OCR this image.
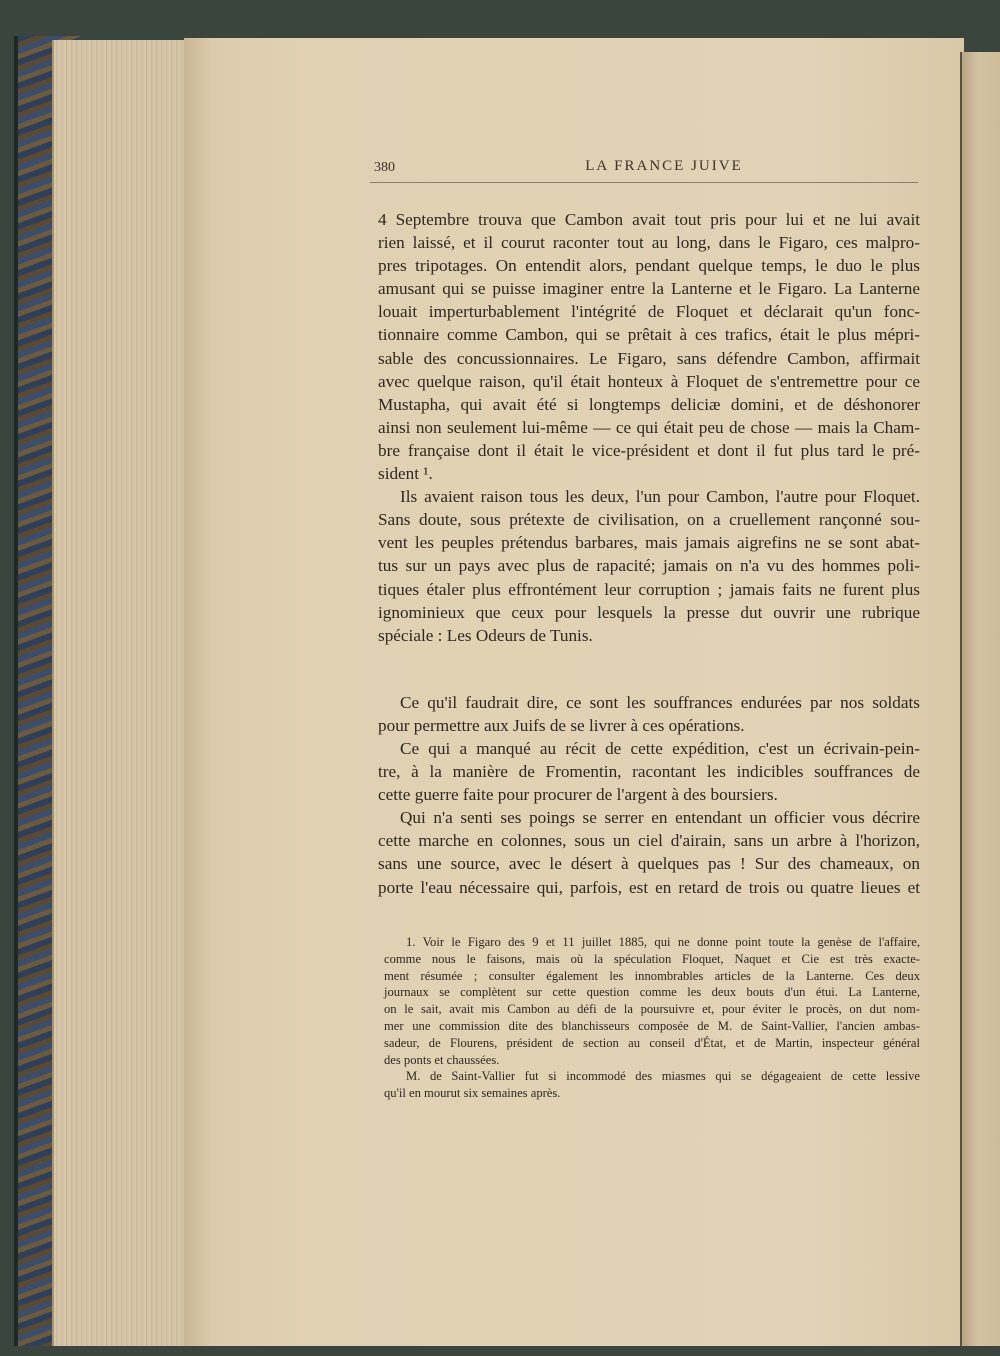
380	LA FRANCE JUIVE
4 Septembre trouva que Cambon avait tout pris pour lui et ne lui avait
rien laissé, et il courut raconter tout au long, dans le Figaro, ces malpro-
pres tripotages. On entendit alors, pendant quelque temps, le duo le plus
amusant qui se puisse imaginer entre la Lanterne et le Figaro. La Lanterne
louait imperturbablement l'intégrité de Floquet et déclarait qu'un fonc-
tionnaire comme Cambon, qui se prêtait à ces trafics, était le plus mépri-
sable des concussionnaires. Le Figaro, sans défendre Cambon, affirmait
avec quelque raison, qu'il était honteux à Floquet de s'entremettre pour ce
Mustapha, qui avait été si longtemps deliciæ domini, et de déshonorer
ainsi non seulement lui-même — ce qui était peu de chose — mais la Cham-
bre française dont il était le vice-président et dont il fut plus tard le pré-
sident ¹.
Ils avaient raison tous les deux, l'un pour Cambon, l'autre pour Floquet.
Sans doute, sous prétexte de civilisation, on a cruellement rançonné sou-
vent les peuples prétendus barbares, mais jamais aigrefins ne se sont abat-
tus sur un pays avec plus de rapacité; jamais on n'a vu des hommes poli-
tiques étaler plus effrontément leur corruption ; jamais faits ne furent plus
ignominieux que ceux pour lesquels la presse dut ouvrir une rubrique
spéciale : Les Odeurs de Tunis.
Ce qu'il faudrait dire, ce sont les souffrances endurées par nos soldats
pour permettre aux Juifs de se livrer à ces opérations.
Ce qui a manqué au récit de cette expédition, c'est un écrivain-pein-
tre, à la manière de Fromentin, racontant les indicibles souffrances de
cette guerre faite pour procurer de l'argent à des boursiers.
Qui n'a senti ses poings se serrer en entendant un officier vous décrire
cette marche en colonnes, sous un ciel d'airain, sans un arbre à l'horizon,
sans une source, avec le désert à quelques pas ! Sur des chameaux, on
porte l'eau nécessaire qui, parfois, est en retard de trois ou quatre lieues et
1. Voir le Figaro des 9 et 11 juillet 1885, qui ne donne point toute la genèse de l'affaire,
comme nous le faisons, mais où la spéculation Floquet, Naquet et Cie est très exacte-
ment résumée ; consulter également les innombrables articles de la Lanterne. Ces deux
journaux se complètent sur cette question comme les deux bouts d'un étui. La Lanterne,
on le sait, avait mis Cambon au défi de la poursuivre et, pour éviter le procès, on dut nom-
mer une commission dite des blanchisseurs composée de M. de Saint-Vallier, l'ancien ambas-
sadeur, de Flourens, président de section au conseil d'État, et de Martin, inspecteur général
des ponts et chaussées.
M. de Saint-Vallier fut si incommodé des miasmes qui se dégageaient de cette lessive
qu'il en mourut six semaines après.
